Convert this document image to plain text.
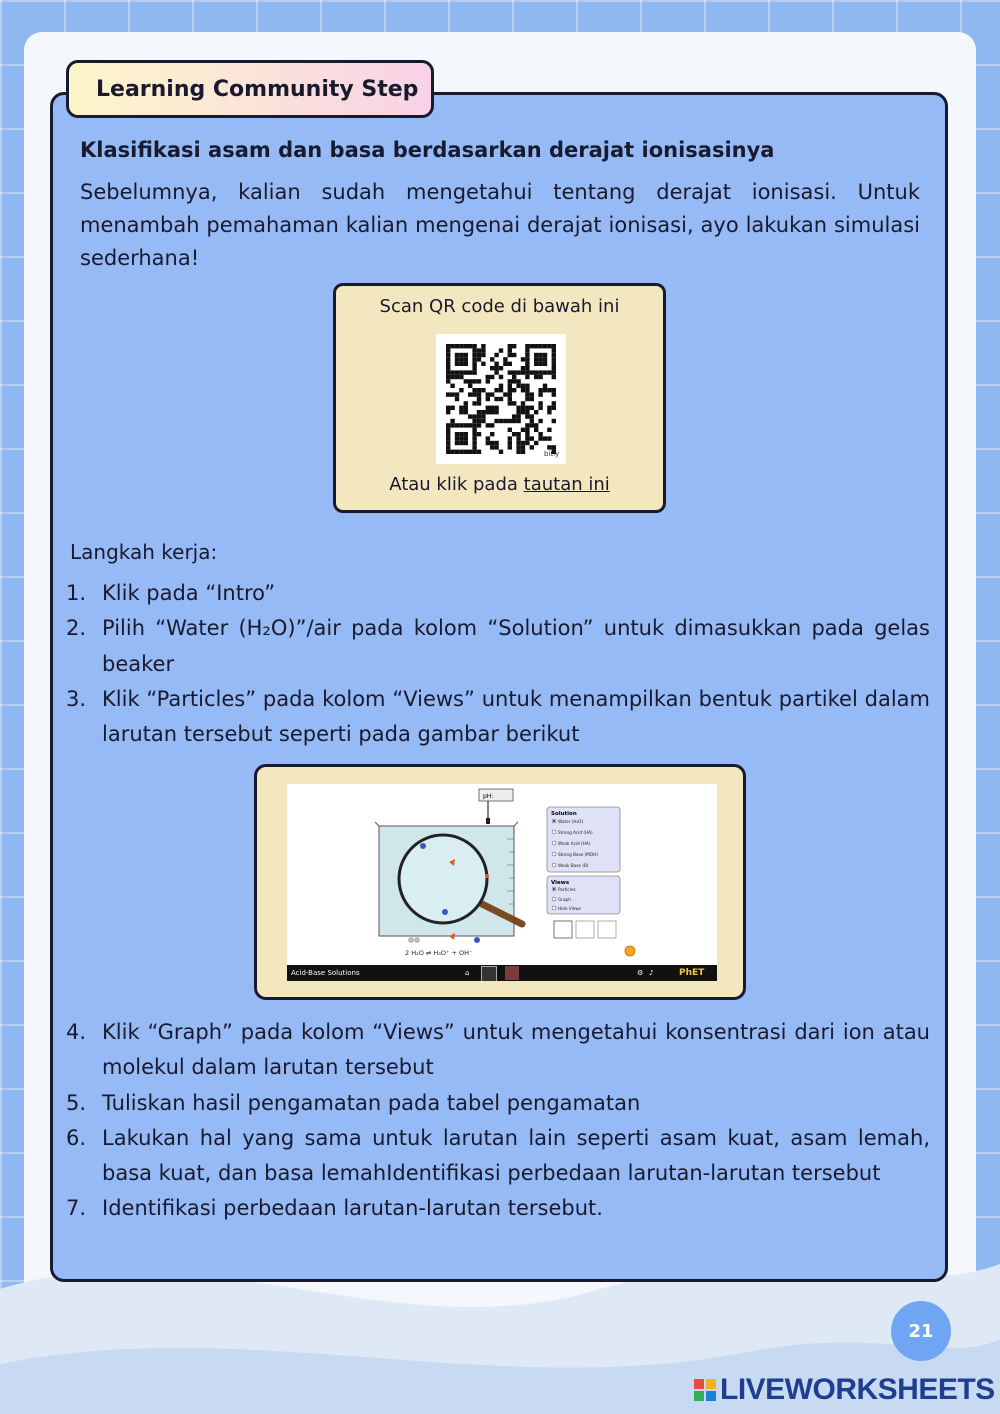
Learning Community Step
Klasifikasi asam dan basa berdasarkan derajat ionisasinya

Sebelumnya, kalian sudah mengetahui tentang derajat ionisasi. Untuk menambah pemahaman kalian mengenai derajat ionisasi, ayo lakukan simulasi sederhana!

Scan QR code di bawah ini
bitly
Atau klik pada tautan ini
Langkah kerja:
1. Klik pada “Intro”
2. Pilih “Water (H₂O)”/air pada kolom “Solution” untuk dimasukkan pada gelas beaker
3. Klik “Particles” pada kolom “Views” untuk menampilkan bentuk partikel dalam larutan tersebut seperti pada gambar berikut
pH:
2 H₂O ⇌ H₃O⁺ + OH⁻
Solution
Water (H₂O)
Strong Acid (HA)
Weak Acid (HA)
Strong Base (MOH)
Weak Base (B)
Views
Particles
Graph
Hide Views
Acid-Base Solutions	⌂	⚙ ♪	PhET
4. Klik “Graph” pada kolom “Views” untuk mengetahui konsentrasi dari ion atau molekul dalam larutan tersebut
5. Tuliskan hasil pengamatan pada tabel pengamatan
6. Lakukan hal yang sama untuk larutan lain seperti asam kuat, asam lemah, basa kuat, dan basa lemahIdentifikasi perbedaan larutan-larutan tersebut
7. Identifikasi perbedaan larutan-larutan tersebut.
21
LIVEWORKSHEETS
